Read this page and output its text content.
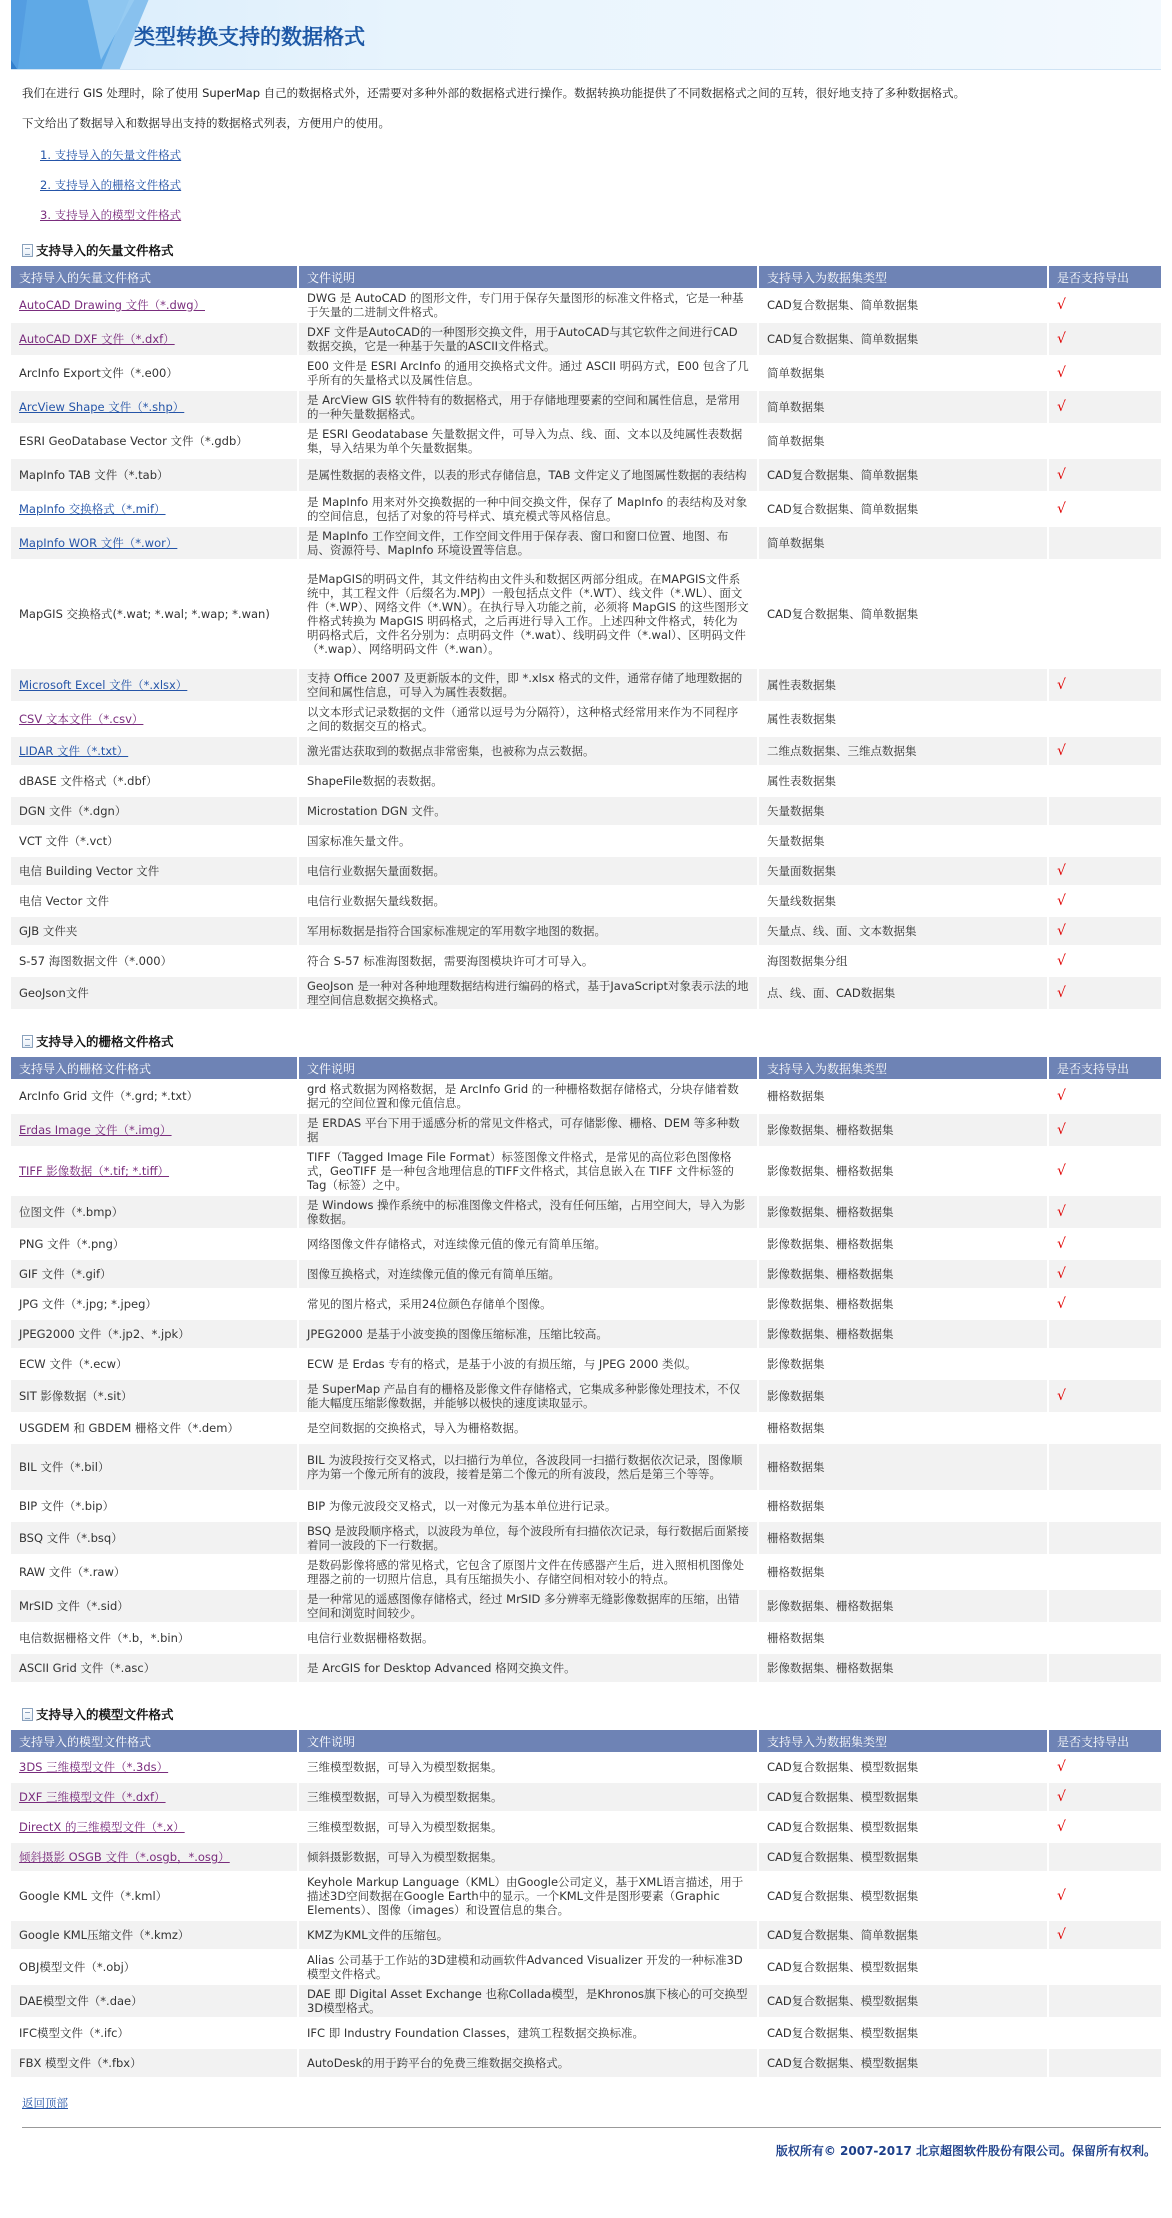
类型转换支持的数据格式

我们在进行 GIS 处理时，除了使用 SuperMap 自己的数据格式外，还需要对多种外部的数据格式进行操作。数据转换功能提供了不同数据格式之间的互转，很好地支持了多种数据格式。

下文给出了数据导入和数据导出支持的数据格式列表，方便用户的使用。

1. 支持导入的矢量文件格式
2. 支持导入的栅格文件格式
3. 支持导入的模型文件格式
支持导入的矢量文件格式
支持导入的矢量文件格式	文件说明	支持导入为数据集类型	是否支持导出
AutoCAD Drawing 文件（*.dwg）	DWG 是 AutoCAD 的图形文件，专门用于保存矢量图形的标准文件格式，它是一种基于矢量的二进制文件格式。	CAD复合数据集、简单数据集	√
AutoCAD DXF 文件（*.dxf）	DXF 文件是AutoCAD的一种图形交换文件，用于AutoCAD与其它软件之间进行CAD数据交换，它是一种基于矢量的ASCII文件格式。	CAD复合数据集、简单数据集	√
ArcInfo Export文件（*.e00）	E00 文件是 ESRI ArcInfo 的通用交换格式文件。通过 ASCII 明码方式，E00 包含了几乎所有的矢量格式以及属性信息。	简单数据集	√
ArcView Shape 文件（*.shp）	是 ArcView GIS 软件特有的数据格式，用于存储地理要素的空间和属性信息，是常用的一种矢量数据格式。	简单数据集	√
ESRI GeoDatabase Vector 文件（*.gdb）	是 ESRI Geodatabase 矢量数据文件，可导入为点、线、面、文本以及纯属性表数据集，导入结果为单个矢量数据集。	简单数据集	
MapInfo TAB 文件（*.tab）	是属性数据的表格文件，以表的形式存储信息，TAB 文件定义了地图属性数据的表结构	CAD复合数据集、简单数据集	√
MapInfo 交换格式（*.mif）	是 MapInfo 用来对外交换数据的一种中间交换文件，保存了 MapInfo 的表结构及对象的空间信息，包括了对象的符号样式、填充模式等风格信息。	CAD复合数据集、简单数据集	√
MapInfo WOR 文件（*.wor）	是 MapInfo 工作空间文件，工作空间文件用于保存表、窗口和窗口位置、地图、布局、资源符号、MapInfo 环境设置等信息。	简单数据集	
MapGIS 交换格式(*.wat; *.wal; *.wap; *.wan)	是MapGIS的明码文件，其文件结构由文件头和数据区两部分组成。在MAPGIS文件系统中，其工程文件（后缀名为.MPJ）一般包括点文件（*.WT）、线文件（*.WL）、面文件（*.WP）、网络文件（*.WN）。在执行导入功能之前，必须将 MapGIS 的这些图形文件格式转换为 MapGIS 明码格式，之后再进行导入工作。上述四种文件格式，转化为明码格式后，文件名分别为：点明码文件（*.wat）、线明码文件（*.wal）、区明码文件（*.wap）、网络明码文件（*.wan）。	CAD复合数据集、简单数据集	
Microsoft Excel 文件（*.xlsx）	支持 Office 2007 及更新版本的文件，即 *.xlsx 格式的文件，通常存储了地理数据的空间和属性信息，可导入为属性表数据。	属性表数据集	√
CSV 文本文件（*.csv）	以文本形式记录数据的文件（通常以逗号为分隔符），这种格式经常用来作为不同程序之间的数据交互的格式。	属性表数据集	
LIDAR 文件（*.txt）	激光雷达获取到的数据点非常密集，也被称为点云数据。	二维点数据集、三维点数据集	√
dBASE 文件格式（*.dbf）	ShapeFile数据的表数据。	属性表数据集	
DGN 文件（*.dgn）	Microstation DGN 文件。	矢量数据集	
VCT 文件（*.vct）	国家标准矢量文件。	矢量数据集	
电信 Building Vector 文件	电信行业数据矢量面数据。	矢量面数据集	√
电信 Vector 文件	电信行业数据矢量线数据。	矢量线数据集	√
GJB 文件夹	军用标数据是指符合国家标准规定的军用数字地图的数据。	矢量点、线、面、文本数据集	√
S-57 海图数据文件（*.000）	符合 S-57 标准海图数据，需要海图模块许可才可导入。	海图数据集分组	√
GeoJson文件	GeoJson 是一种对各种地理数据结构进行编码的格式，基于JavaScript对象表示法的地理空间信息数据交换格式。	点、线、面、CAD数据集	√
支持导入的栅格文件格式
支持导入的栅格文件格式	文件说明	支持导入为数据集类型	是否支持导出
ArcInfo Grid 文件（*.grd; *.txt）	grd 格式数据为网格数据，是 ArcInfo Grid 的一种栅格数据存储格式，分块存储着数据元的空间位置和像元值信息。	栅格数据集	√
Erdas Image 文件（*.img）	是 ERDAS 平台下用于遥感分析的常见文件格式，可存储影像、栅格、DEM 等多种数据	影像数据集、栅格数据集	√
TIFF 影像数据（*.tif; *.tiff）	TIFF（Tagged Image File Format）标签图像文件格式，是常见的高位彩色图像格式，GeoTIFF 是一种包含地理信息的TIFF文件格式，其信息嵌入在 TIFF 文件标签的Tag（标签）之中。	影像数据集、栅格数据集	√
位图文件（*.bmp）	是 Windows 操作系统中的标准图像文件格式，没有任何压缩，占用空间大，导入为影像数据。	影像数据集、栅格数据集	√
PNG 文件（*.png）	网络图像文件存储格式，对连续像元值的像元有简单压缩。	影像数据集、栅格数据集	√
GIF 文件（*.gif）	图像互换格式，对连续像元值的像元有简单压缩。	影像数据集、栅格数据集	√
JPG 文件（*.jpg; *.jpeg）	常见的图片格式，采用24位颜色存储单个图像。	影像数据集、栅格数据集	√
JPEG2000 文件（*.jp2、*.jpk）	JPEG2000 是基于小波变换的图像压缩标准，压缩比较高。	影像数据集、栅格数据集	
ECW 文件（*.ecw）	ECW 是 Erdas 专有的格式，是基于小波的有损压缩，与 JPEG 2000 类似。	影像数据集	
SIT 影像数据（*.sit）	是 SuperMap 产品自有的栅格及影像文件存储格式，它集成多种影像处理技术，不仅能大幅度压缩影像数据，并能够以极快的速度读取显示。	影像数据集	√
USGDEM 和 GBDEM 栅格文件（*.dem）	是空间数据的交换格式，导入为栅格数据。	栅格数据集	
BIL 文件（*.bil）	BIL 为波段按行交叉格式，以扫描行为单位，各波段同一扫描行数据依次记录，图像顺序为第一个像元所有的波段，接着是第二个像元的所有波段，然后是第三个等等。	栅格数据集	
BIP 文件（*.bip）	BIP 为像元波段交叉格式，以一对像元为基本单位进行记录。	栅格数据集	
BSQ 文件（*.bsq）	BSQ 是波段顺序格式，以波段为单位，每个波段所有扫描依次记录，每行数据后面紧接着同一波段的下一行数据。	栅格数据集	
RAW 文件（*.raw）	是数码影像将感的常见格式，它包含了原图片文件在传感器产生后，进入照相机图像处理器之前的一切照片信息，具有压缩损失小、存储空间相对较小的特点。	栅格数据集	
MrSID 文件（*.sid）	是一种常见的遥感图像存储格式，经过 MrSID 多分辨率无缝影像数据库的压缩，出错空间和浏览时间较少。	影像数据集、栅格数据集	
电信数据栅格文件（*.b，*.bin）	电信行业数据栅格数据。	栅格数据集	
ASCII Grid 文件（*.asc）	是 ArcGIS for Desktop Advanced 格网交换文件。	影像数据集、栅格数据集	
支持导入的模型文件格式
支持导入的模型文件格式	文件说明	支持导入为数据集类型	是否支持导出
3DS 三维模型文件（*.3ds）	三维模型数据，可导入为模型数据集。	CAD复合数据集、模型数据集	√
DXF 三维模型文件（*.dxf）	三维模型数据，可导入为模型数据集。	CAD复合数据集、模型数据集	√
DirectX 的三维模型文件（*.x）	三维模型数据，可导入为模型数据集。	CAD复合数据集、模型数据集	√
倾斜摄影 OSGB 文件（*.osgb，*.osg）	倾斜摄影数据，可导入为模型数据集。	CAD复合数据集、模型数据集	
Google KML 文件（*.kml）	Keyhole Markup Language（KML）由Google公司定义，基于XML语言描述，用于描述3D空间数据在Google Earth中的显示。一个KML文件是图形要素（Graphic Elements）、图像（images）和设置信息的集合。	CAD复合数据集、模型数据集	√
Google KML压缩文件（*.kmz）	KMZ为KML文件的压缩包。	CAD复合数据集、简单数据集	√
OBJ模型文件（*.obj）	Alias 公司基于工作站的3D建模和动画软件Advanced Visualizer 开发的一种标准3D模型文件格式。	CAD复合数据集、模型数据集	
DAE模型文件（*.dae）	DAE 即 Digital Asset Exchange 也称Collada模型，是Khronos旗下核心的可交换型3D模型格式。	CAD复合数据集、模型数据集	
IFC模型文件（*.ifc）	IFC 即 Industry Foundation Classes，建筑工程数据交换标准。	CAD复合数据集、模型数据集	
FBX 模型文件（*.fbx）	AutoDesk的用于跨平台的免费三维数据交换格式。	CAD复合数据集、模型数据集	
返回顶部
版权所有© 2007-2017 北京超图软件股份有限公司。保留所有权利。
